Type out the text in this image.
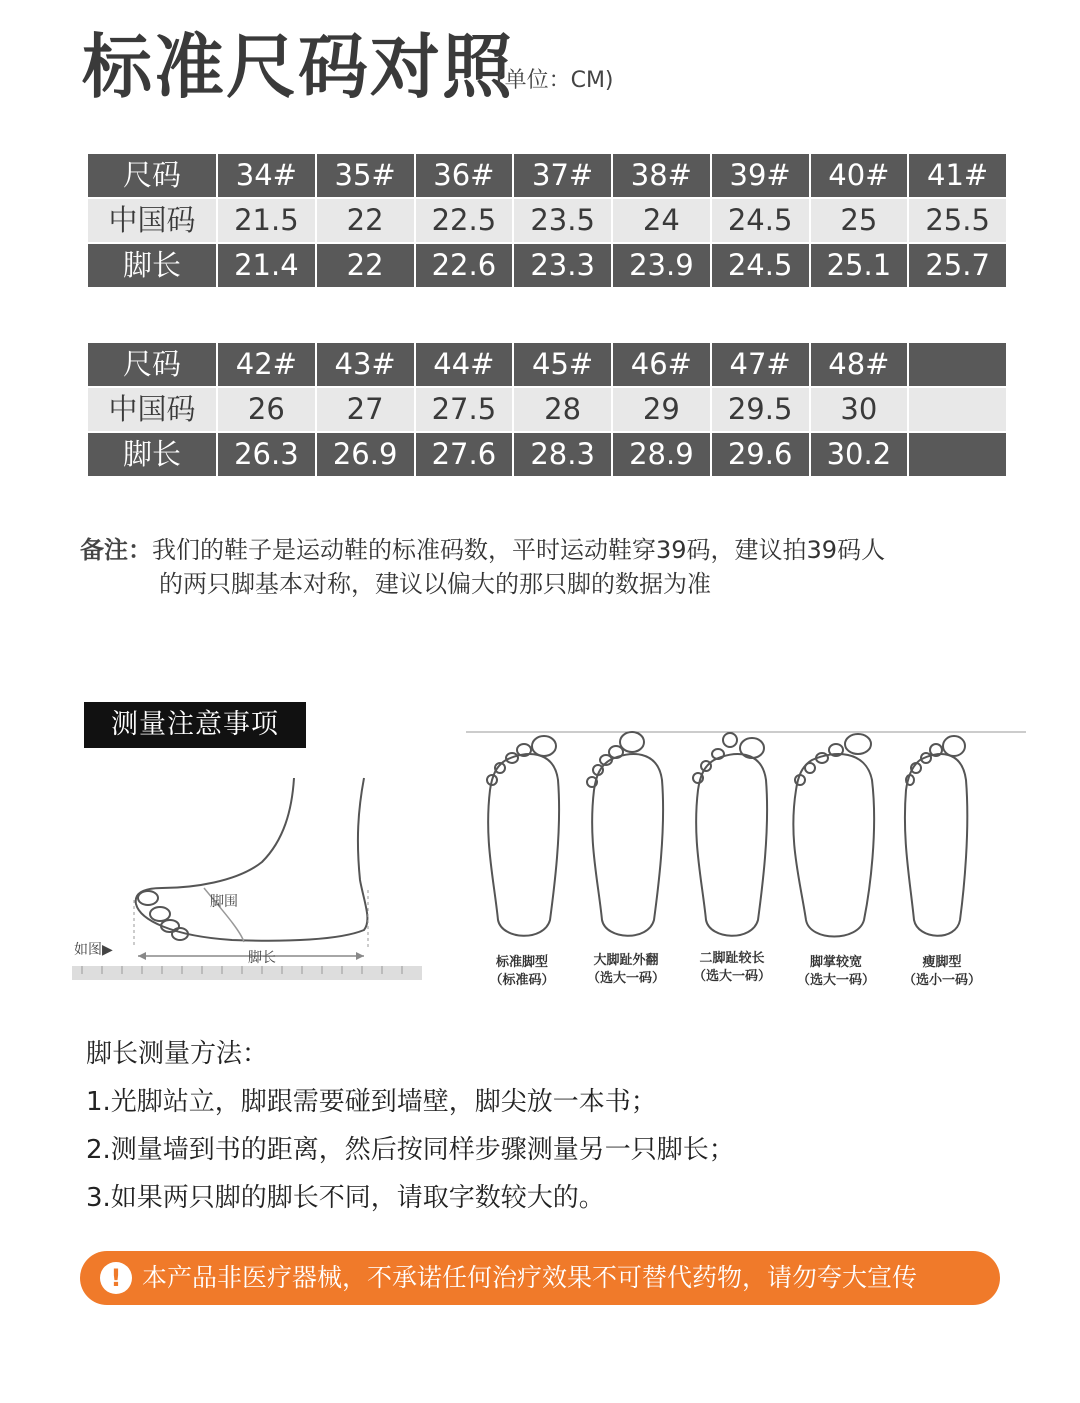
标准尺码对照
(单位：CM)
尺码	34#	35#	36#	37#	38#	39#	40#	41#
中国码	21.5	22	22.5	23.5	24	24.5	25	25.5
脚长	21.4	22	22.6	23.3	23.9	24.5	25.1	25.7
尺码	42#	43#	44#	45#	46#	47#	48#	
中国码	26	27	27.5	28	29	29.5	30	
脚长	26.3	26.9	27.6	28.3	28.9	29.6	30.2	
备注：我们的鞋子是运动鞋的标准码数，平时运动鞋穿39码，建议拍39码人
的两只脚基本对称，建议以偏大的那只脚的数据为准
测量注意事项
如图▶
脚围
脚长	标准脚型
（标准码）
大脚趾外翻
（选大一码）
二脚趾较长
（选大一码）
脚掌较宽
（选大一码）
瘦脚型
（选小一码）
脚长测量方法：
1.光脚站立，脚跟需要碰到墙壁，脚尖放一本书；
2.测量墙到书的距离，然后按同样步骤测量另一只脚长；
3.如果两只脚的脚长不同，请取字数较大的。
! 本产品非医疗器械，不承诺任何治疗效果不可替代药物，请勿夸大宣传
